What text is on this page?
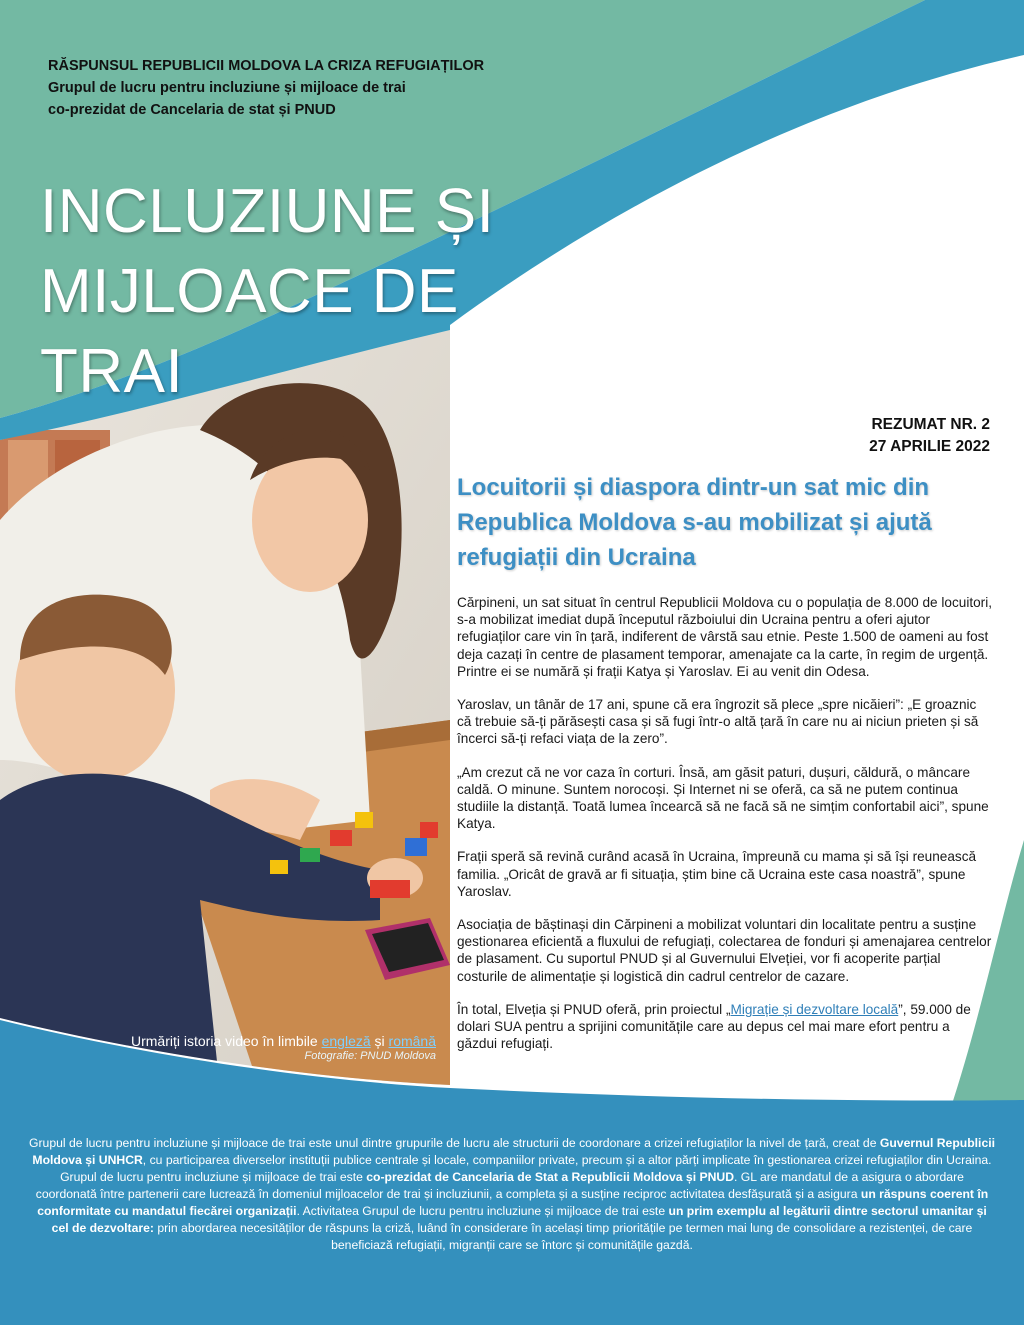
RĂSPUNSUL REPUBLICII MOLDOVA LA CRIZA REFUGIAȚILOR
Grupul de lucru pentru incluziune și mijloace de trai
co-prezidat de Cancelaria de stat și PNUD
INCLUZIUNE ȘI
MIJLOACE DE
TRAI
REZUMAT NR. 2
27 APRILIE 2022
Locuitorii și diaspora dintr-un sat mic din Republica Moldova s-au mobilizat și ajută refugiații din Ucraina

Cărpineni, un sat situat în centrul Republicii Moldova cu o populația de 8.000 de locuitori, s-a mobilizat imediat după începutul războiului din Ucraina pentru a oferi ajutor refugiaților care vin în țară, indiferent de vârstă sau etnie. Peste 1.500 de oameni au fost deja cazați în centre de plasament temporar, amenajate ca la carte, în regim de urgență. Printre ei se numără și frații Katya și Yaroslav. Ei au venit din Odesa.

Yaroslav, un tânăr de 17 ani, spune că era îngrozit să plece „spre nicăieri”: „E groaznic că trebuie să-ți părăsești casa și să fugi într-o altă țară în care nu ai niciun prieten și să încerci să-ți refaci viața de la zero”.

„Am crezut că ne vor caza în corturi. Însă, am găsit paturi, dușuri, căldură, o mâncare caldă. O minune. Suntem norocoși. Și Internet ni se oferă, ca să ne putem continua studiile la distanță. Toată lumea încearcă să ne facă să ne simțim confortabil aici”, spune Katya.

Frații speră să revină curând acasă în Ucraina, împreună cu mama și să își reunească familia. „Oricât de gravă ar fi situația, știm bine că Ucraina este casa noastră”, spune Yaroslav.

Asociația de băștinași din Cărpineni a mobilizat voluntari din localitate pentru a susține gestionarea eficientă a fluxului de refugiați, colectarea de fonduri și amenajarea centrelor de plasament. Cu suportul PNUD și al Guvernului Elveției, vor fi acoperite parțial costurile de alimentație și logistică din cadrul centrelor de cazare.

În total, Elveția și PNUD oferă, prin proiectul „Migrație și dezvoltare locală”, 59.000 de dolari SUA pentru a sprijini comunitățile care au depus cel mai mare efort pentru a găzdui refugiați.

Urmăriți istoria video în limbile engleză și română
Fotografie: PNUD Moldova
Grupul de lucru pentru incluziune și mijloace de trai este unul dintre grupurile de lucru ale structurii de coordonare a crizei refugiaților la nivel de țară, creat de Guvernul Republicii Moldova și UNHCR, cu participarea diverselor instituții publice centrale și locale, companiilor private, precum și a altor părți implicate în gestionarea crizei refugiaților din Ucraina. Grupul de lucru pentru incluziune și mijloace de trai este co-prezidat de Cancelaria de Stat a Republicii Moldova și PNUD. GL are mandatul de a asigura o abordare coordonată între partenerii care lucrează în domeniul mijloacelor de trai și incluziunii, a completa și a susține reciproc activitatea desfășurată și a asigura un răspuns coerent în conformitate cu mandatul fiecărei organizații. Activitatea Grupul de lucru pentru incluziune și mijloace de trai este un prim exemplu al legăturii dintre sectorul umanitar și cel de dezvoltare: prin abordarea necesităților de răspuns la criză, luând în considerare în același timp prioritățile pe termen mai lung de consolidare a rezistenței, de care beneficiază refugiații, migranții care se întorc și comunitățile gazdă.
